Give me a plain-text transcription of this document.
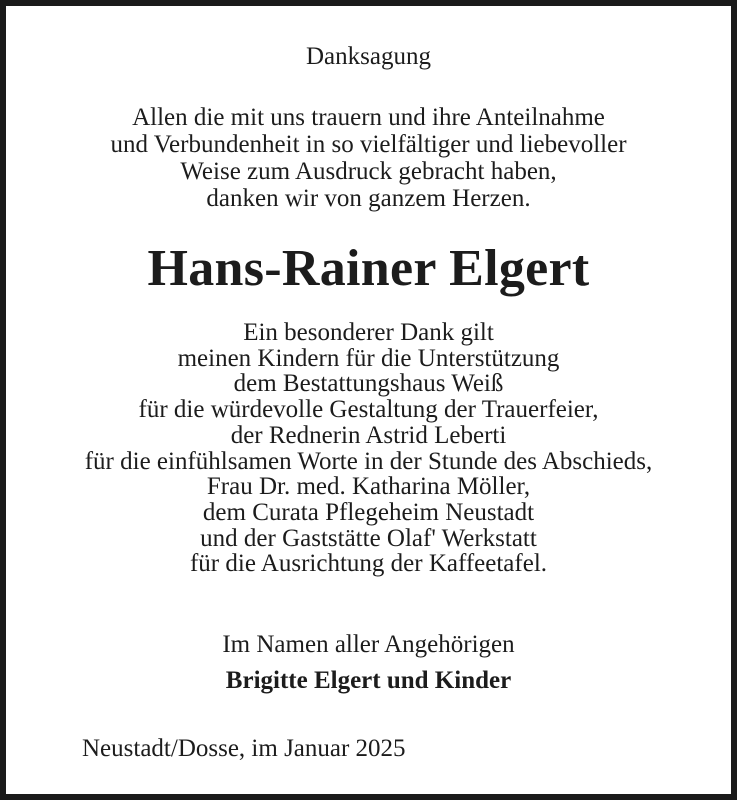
Danksagung
Allen die mit uns trauern und ihre Anteilnahme
und Verbundenheit in so vielfältiger und liebevoller
Weise zum Ausdruck gebracht haben,
danken wir von ganzem Herzen.
Hans-Rainer Elgert
Ein besonderer Dank gilt
meinen Kindern für die Unterstützung
dem Bestattungshaus Weiß
für die würdevolle Gestaltung der Trauerfeier,
der Rednerin Astrid Leberti
für die einfühlsamen Worte in der Stunde des Abschieds,
Frau Dr. med. Katharina Möller,
dem Curata Pflegeheim Neustadt
und der Gaststätte Olaf' Werkstatt
für die Ausrichtung der Kaffeetafel.
Im Namen aller Angehörigen
Brigitte Elgert und Kinder
Neustadt/Dosse, im Januar 2025
